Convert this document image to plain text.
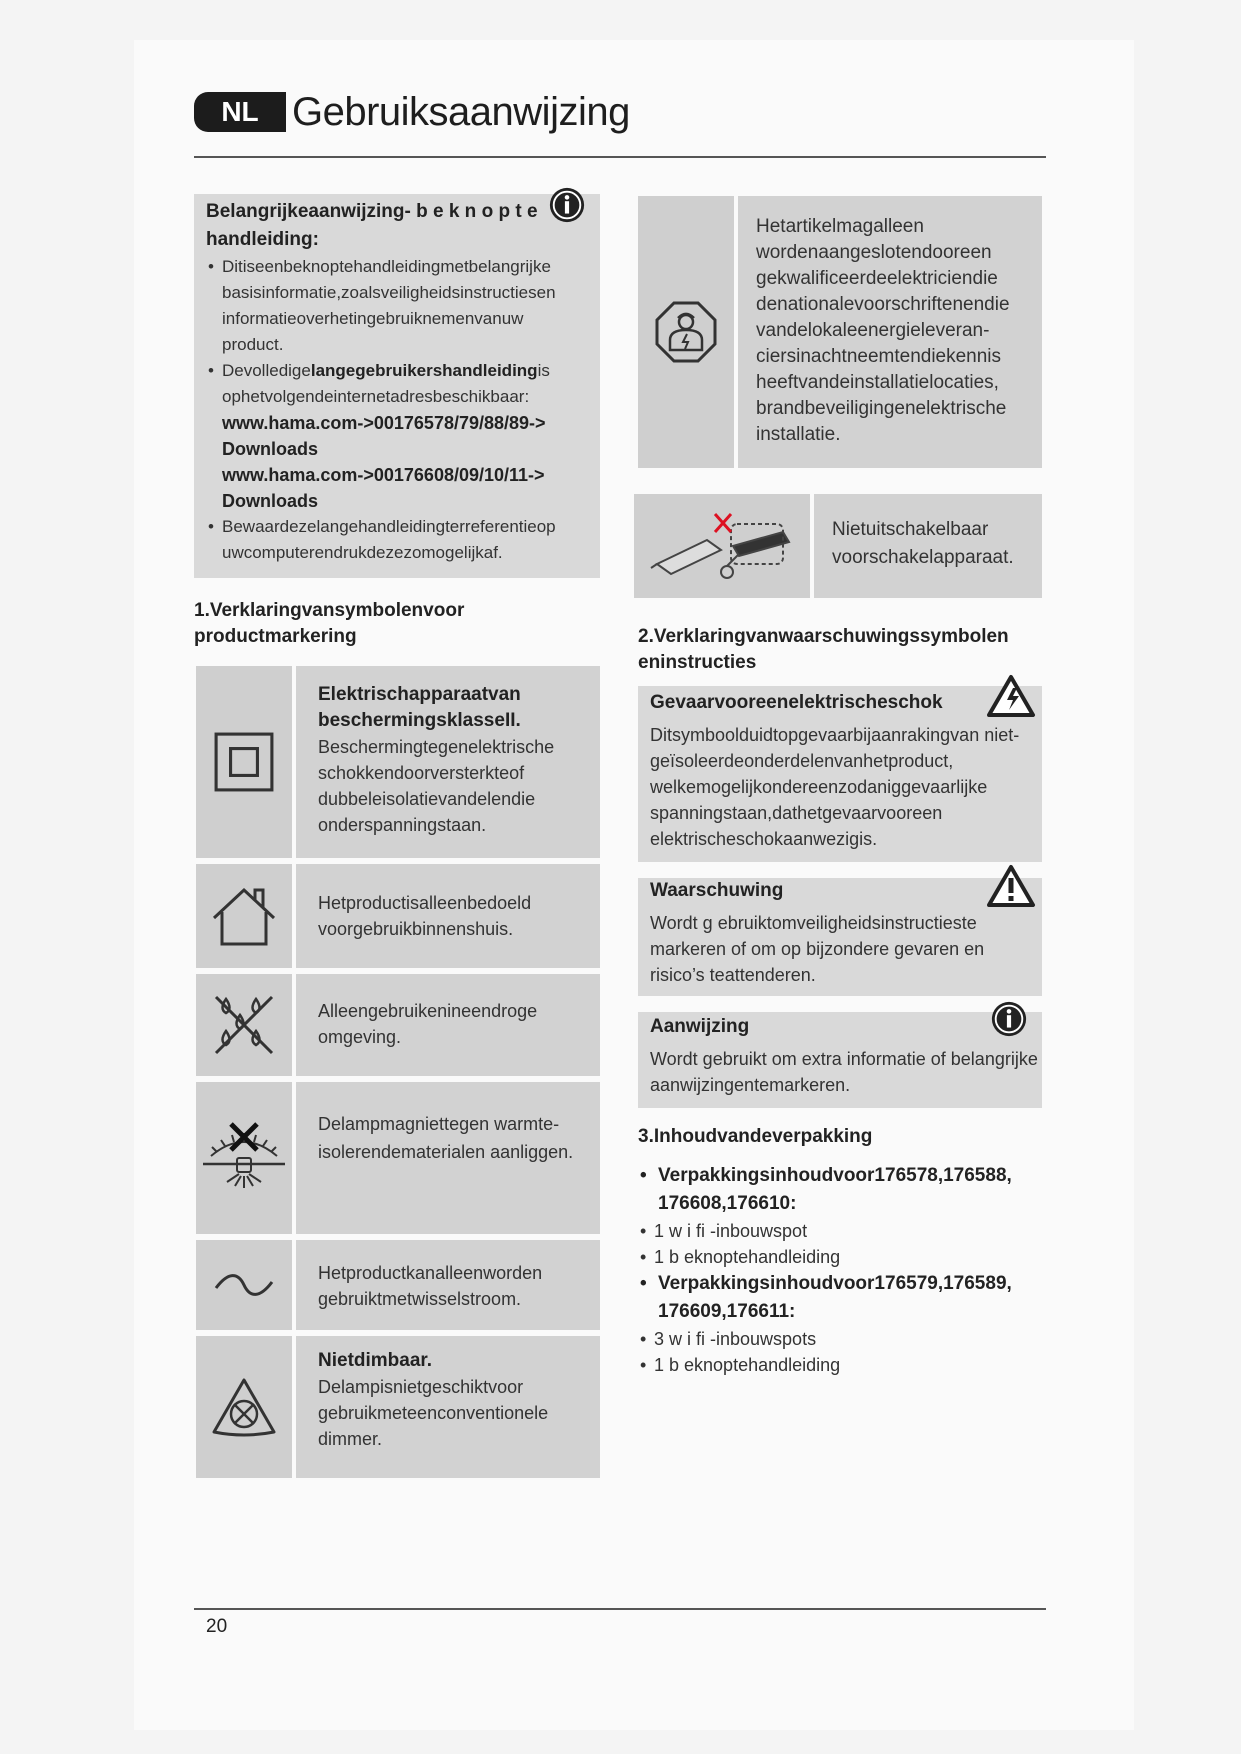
NL Gebruiksaanwijzing
Belangrijkeaanwijzing- b e k n o p t e
handleiding:
• Ditiseenbeknoptehandleidingmetbelangrijke basisinformatie,zoalsveiligheidsinstructiesen informatieoverhetingebruiknemenvanuw product.
• Devolledigelangegebruikershandleidingis ophetvolgendeinternetadresbeschikbaar:
www.hama.com->00176578/79/88/89-> Downloads
www.hama.com->00176608/09/10/11-> Downloads
• Bewaardezelangehandleidingterreferentieop uwcomputerendrukdezezomogelijkaf.
1.Verklaringvansymbolenvoor productmarkering
Elektrischapparaatvan beschermingsklasseII.
Beschermingtegenelektrische schokkendoorversterkteof dubbeleisolatievandelendie onderspanningstaan.
Hetproductisalleenbedoeld voorgebruikbinnenshuis.
Alleengebruikenineendroge omgeving.
Delampmagniettegen warmte-isolerendematerialen aanliggen.
Hetproductkanalleenworden gebruiktmetwisselstroom.
Nietdimbaar.
Delampisnietgeschiktvoor gebruikmeteenconventionele dimmer.
Hetartikelmagalleen wordenaangeslotendooreen gekwalificeerdeelektriciendie denationalevoorschriftenendie vandelokaleenergieleveran- ciersinachtneemtendiekennis heeftvandeinstallatielocaties, brandbeveiligingenelektrische installatie.
Nietuitschakelbaar voorschakelapparaat.
2.Verklaringvanwaarschuwingssymbolen eninstructies
Gevaarvooreenelektrischeschok
Ditsymboolduidtopgevaarbijaanrakingvan niet-geïsoleerdeonderdelenvanhetproduct, welkemogelijkondereenzodaniggevaarlijke spanningstaan,dathetgevaarvooreen elektrischeschokaanwezigis.
Waarschuwing
Wordt g ebruiktomveiligheidsinstructieste markeren of om op bijzondere gevaren en risico’s teattenderen.
Aanwijzing
Wordt gebruikt om extra informatie of belangrijke aanwijzingentemarkeren.
3.Inhoudvandeverpakking
• Verpakkingsinhoudvoor176578,176588, 176608,176610:
• 1 w i fi -inbouwspot
• 1 b eknoptehandleiding
• Verpakkingsinhoudvoor176579,176589, 176609,176611:
• 3 w i fi -inbouwspots
• 1 b eknoptehandleiding
20
